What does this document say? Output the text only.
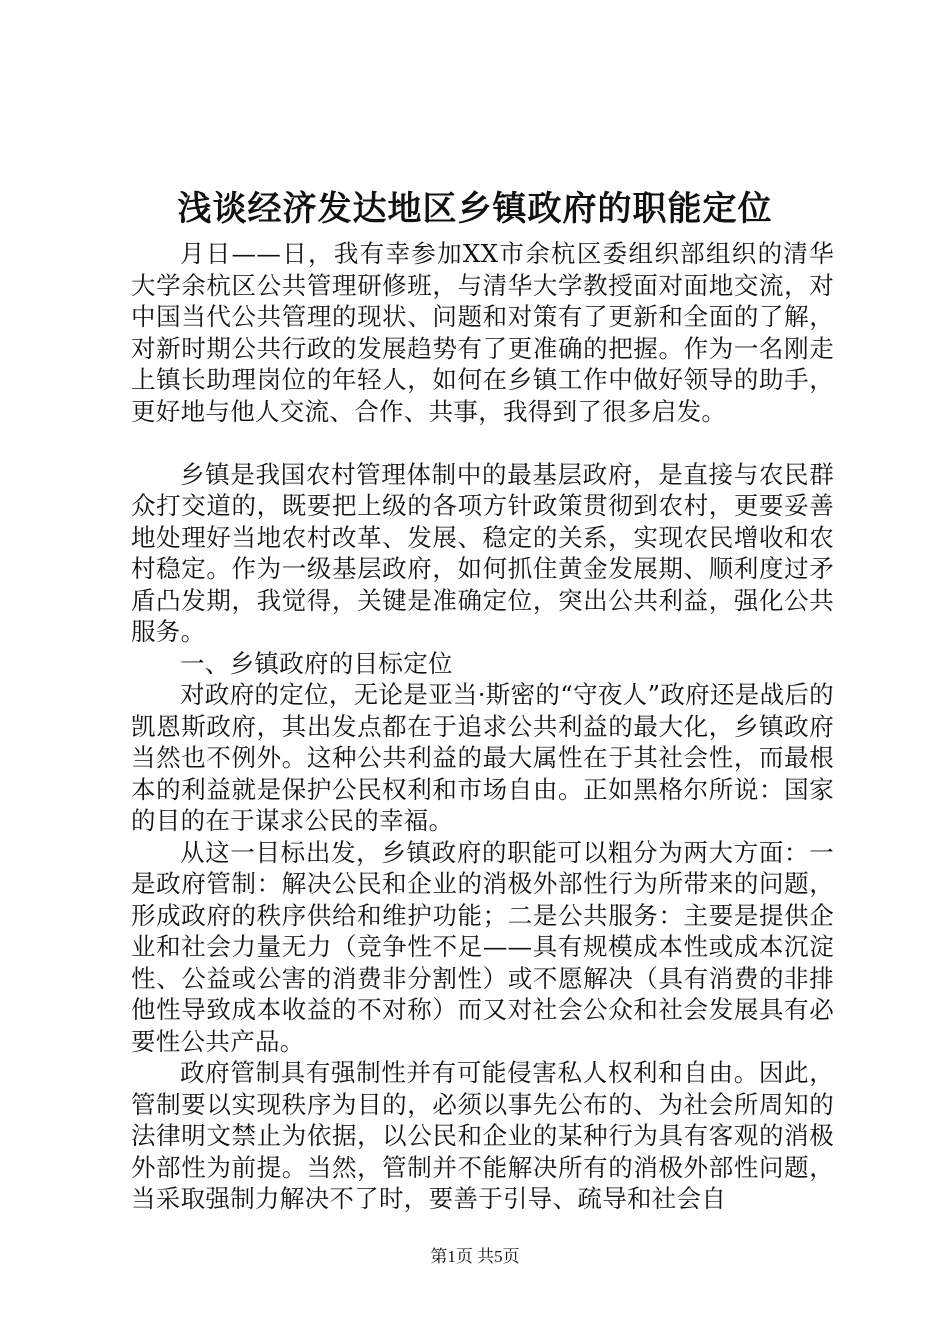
浅谈经济发达地区乡镇政府的职能定位

月日——日，我有幸参加XX市余杭区委组织部组织的清华大学余杭区公共管理研修班，与清华大学教授面对面地交流，对中国当代公共管理的现状、问题和对策有了更新和全面的了解，对新时期公共行政的发展趋势有了更准确的把握。作为一名刚走上镇长助理岗位的年轻人，如何在乡镇工作中做好领导的助手，更好地与他人交流、合作、共事，我得到了很多启发。

乡镇是我国农村管理体制中的最基层政府，是直接与农民群众打交道的，既要把上级的各项方针政策贯彻到农村，更要妥善地处理好当地农村改革、发展、稳定的关系，实现农民增收和农村稳定。作为一级基层政府，如何抓住黄金发展期、顺利度过矛盾凸发期，我觉得，关键是准确定位，突出公共利益，强化公共服务。

一、乡镇政府的目标定位

对政府的定位，无论是亚当·斯密的“守夜人”政府还是战后的凯恩斯政府，其出发点都在于追求公共利益的最大化，乡镇政府当然也不例外。这种公共利益的最大属性在于其社会性，而最根本的利益就是保护公民权利和市场自由。正如黑格尔所说：国家的目的在于谋求公民的幸福。

从这一目标出发，乡镇政府的职能可以粗分为两大方面：一是政府管制：解决公民和企业的消极外部性行为所带来的问题，形成政府的秩序供给和维护功能；二是公共服务：主要是提供企业和社会力量无力（竞争性不足——具有规模成本性或成本沉淀性、公益或公害的消费非分割性）或不愿解决（具有消费的非排他性导致成本收益的不对称）而又对社会公众和社会发展具有必要性公共产品。

政府管制具有强制性并有可能侵害私人权利和自由。因此，管制要以实现秩序为目的，必须以事先公布的、为社会所周知的法律明文禁止为依据，以公民和企业的某种行为具有客观的消极外部性为前提。当然，管制并不能解决所有的消极外部性问题，当采取强制力解决不了时，要善于引导、疏导和社会自

第1页 共5页
